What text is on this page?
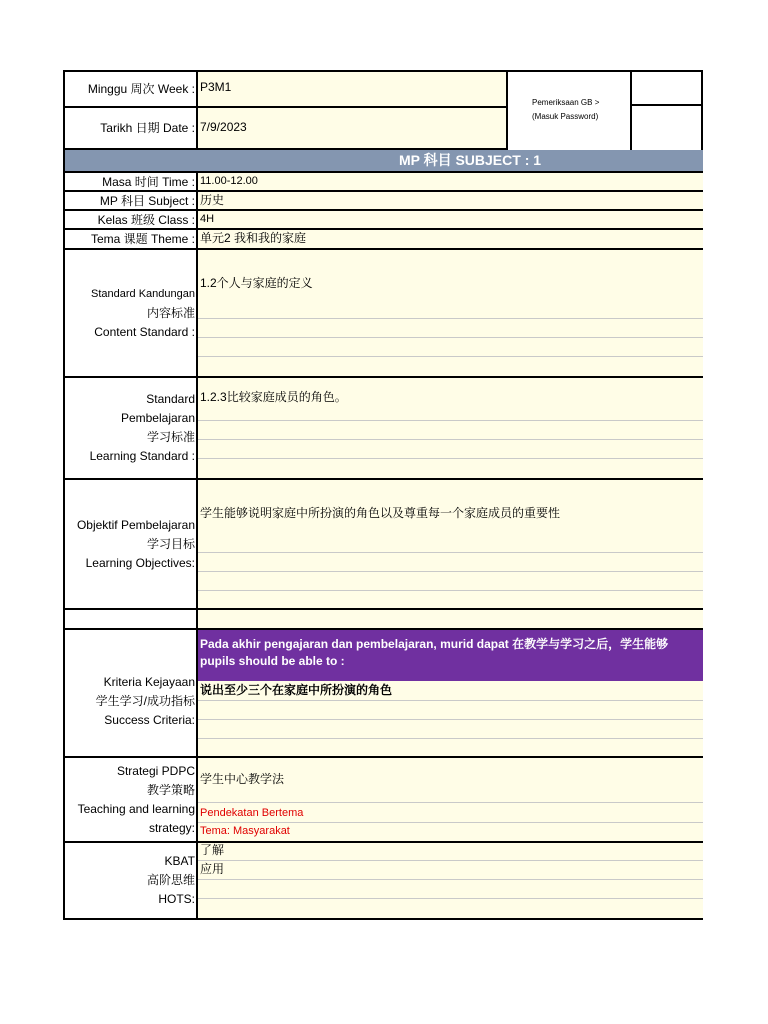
Minggu 周次 Week : P3M1
Tarikh 日期 Date : 7/9/2023
Pemeriksaan GB >
(Masuk Password)
MP 科目 SUBJECT : 1
Masa 时间 Time : 11.00-12.00
MP 科目 Subject : 历史
Kelas 班级 Class : 4H
Tema 课题 Theme : 单元2 我和我的家庭
Standard Kandungan
内容标准
Content Standard :
1.2个人与家庭的定义
Standard
Pembelajaran
学习标准
Learning Standard :
1.2.3比较家庭成员的角色。
Objektif Pembelajaran
学习目标
Learning Objectives:
学生能够说明家庭中所扮演的角色以及尊重每一个家庭成员的重要性
Kriteria Kejayaan
学生学习/成功指标
Success Criteria:
Pada akhir pengajaran dan pembelajaran, murid dapat 在教学与学习之后，学生能够
pupils should be able to :
说出至少三个在家庭中所扮演的角色
Strategi PDPC
教学策略
Teaching and learning
strategy:
学生中心教学法
Pendekatan Bertema
Tema: Masyarakat
KBAT
高阶思维
HOTS:
了解
应用
